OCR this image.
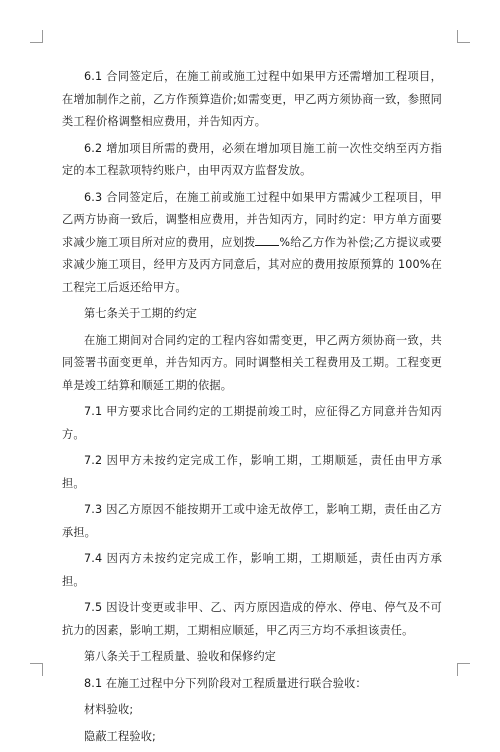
6.1 合同签定后，在施工前或施工过程中如果甲方还需增加工程项目，在增加制作之前，乙方作预算造价;如需变更，甲乙两方须协商一致，参照同类工程价格调整相应费用，并告知丙方。

6.2 增加项目所需的费用，必须在增加项目施工前一次性交纳至丙方指定的本工程款项特约账户，由甲丙双方监督发放。

6.3 合同签定后，在施工前或施工过程中如果甲方需减少工程项目，甲乙两方协商一致后，调整相应费用，并告知丙方，同时约定：甲方单方面要求减少施工项目所对应的费用，应划拨 %给乙方作为补偿;乙方提议或要求减少施工项目，经甲方及丙方同意后，其对应的费用按原预算的 100%在工程完工后返还给甲方。

第七条关于工期的约定

在施工期间对合同约定的工程内容如需变更，甲乙两方须协商一致，共同签署书面变更单，并告知丙方。同时调整相关工程费用及工期。工程变更单是竣工结算和顺延工期的依据。

7.1 甲方要求比合同约定的工期提前竣工时，应征得乙方同意并告知丙方。

7.2 因甲方未按约定完成工作，影响工期，工期顺延，责任由甲方承担。

7.3 因乙方原因不能按期开工或中途无故停工，影响工期，责任由乙方承担。

7.4 因丙方未按约定完成工作，影响工期，工期顺延，责任由丙方承担。

7.5 因设计变更或非甲、乙、丙方原因造成的停水、停电、停气及不可抗力的因素，影响工期，工期相应顺延，甲乙丙三方均不承担该责任。

第八条关于工程质量、验收和保修约定

8.1 在施工过程中分下列阶段对工程质量进行联合验收：

材料验收;

隐蔽工程验收;
